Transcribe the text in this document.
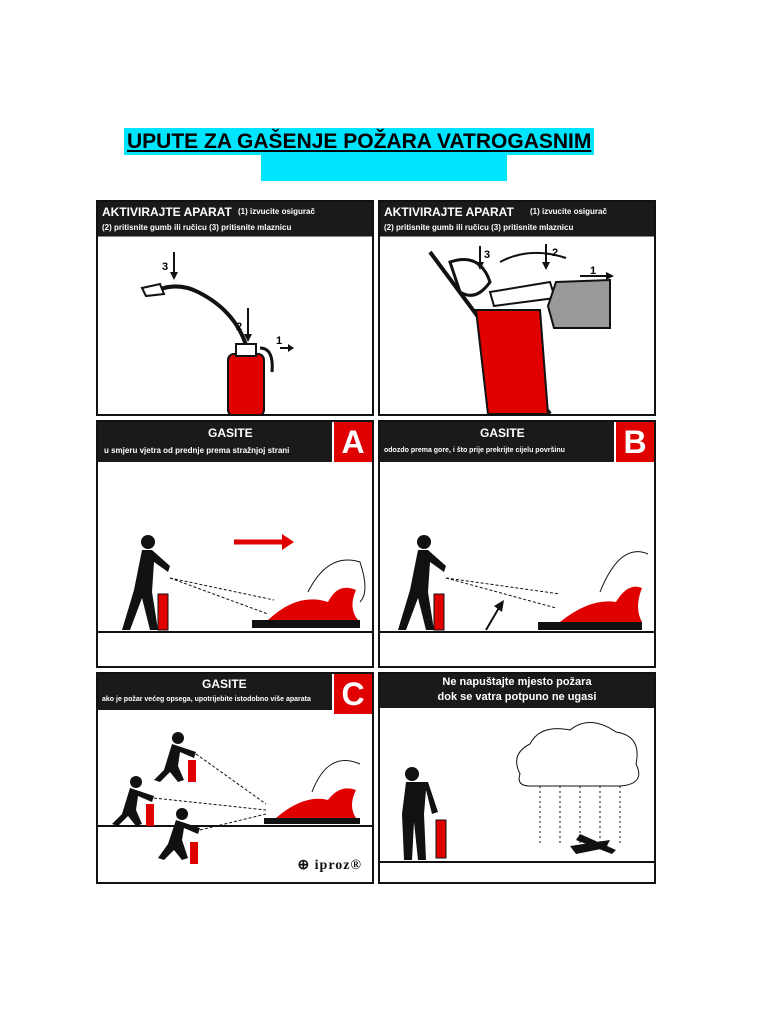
UPUTE ZA GAŠENJE POŽARA VATROGASNIM
AKTIVIRAJTE APARAT (1) izvucite osigurač
(2) pritisnite gumb ili ručicu (3) pritisnite mlaznicu
1
2
3
AKTIVIRAJTE APARAT (1) izvucite osigurač
(2) pritisnite gumb ili ručicu (3) pritisnite mlaznicu
1
2
3
GASITE
u smjeru vjetra od prednje prema stražnjoj strani A	GASITE
odozdo prema gore, i što prije prekrijte cijelu površinu B
GASITE
ako je požar većeg opsega, upotrijebite istodobno više aparata C
⊕ iproz®
Ne napuštajte mjesto požara
dok se vatra potpuno ne ugasi
